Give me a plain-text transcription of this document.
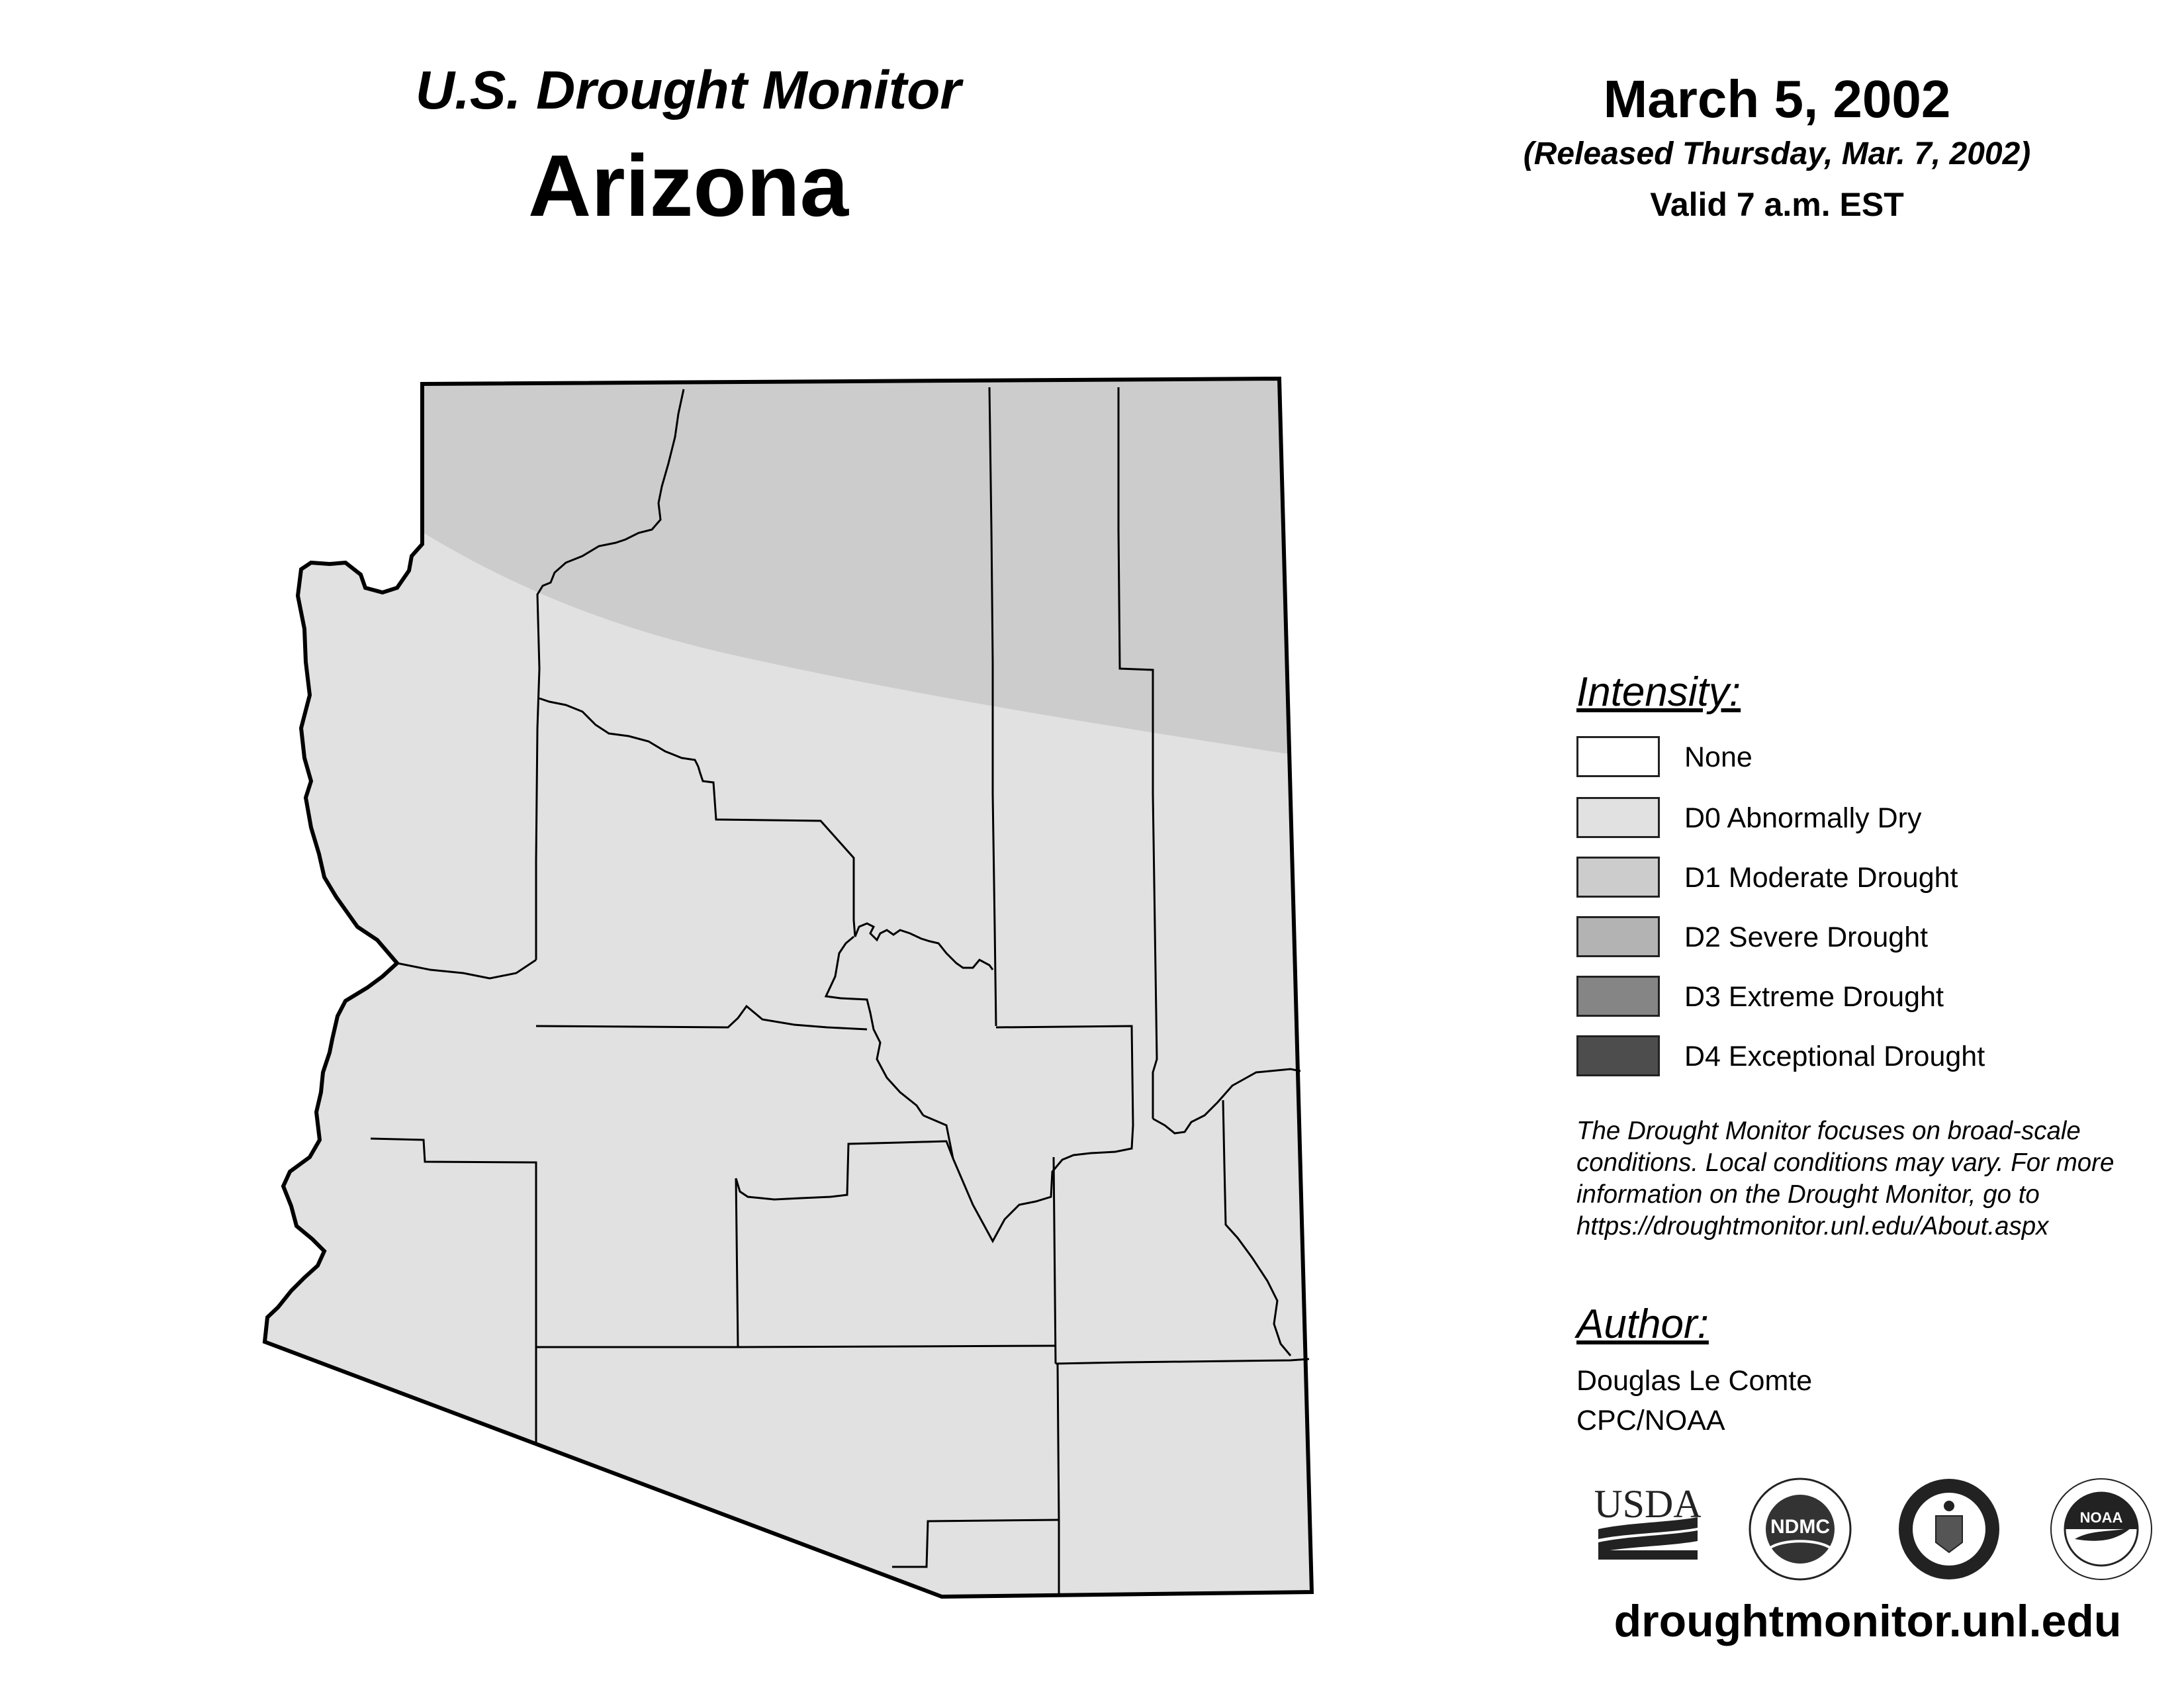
U.S. Drought Monitor
Arizona
March 5, 2002
(Released Thursday, Mar. 7, 2002)
Valid 7 a.m. EST
Intensity:
None
D0 Abnormally Dry
D1 Moderate Drought
D2 Severe Drought
D3 Extreme Drought
D4 Exceptional Drought
The Drought Monitor focuses on broad-scale conditions. Local conditions may vary. For more information on the Drought Monitor, go to https://droughtmonitor.unl.edu/About.aspx
Author:
Douglas Le Comte
CPC/NOAA
USDA
NDMC	NOAA
droughtmonitor.unl.edu
